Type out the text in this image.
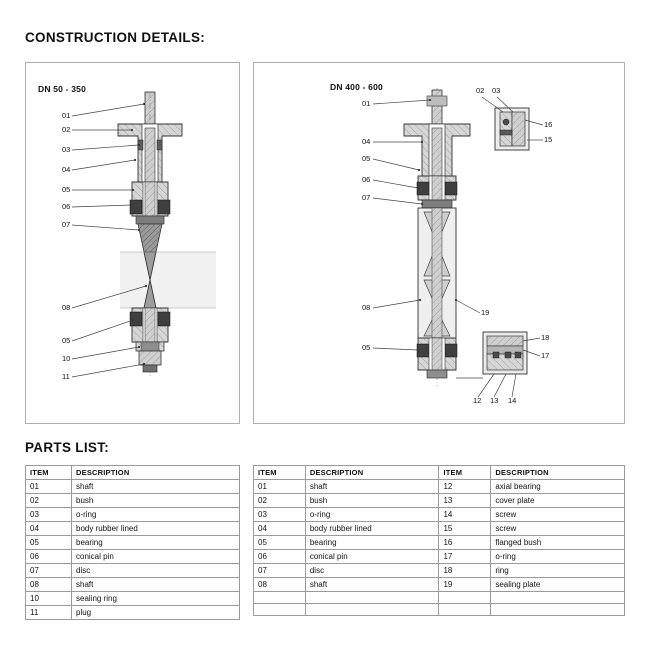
CONSTRUCTION DETAILS:
PARTS LIST:
DN 50 - 350	DN 400 - 600
01
02
03
04
05
06
07
08
05
10
11
01
04
05
06
07
08
05
02 03
16
15
19
18
17
12 13 14
ITEM	DESCRIPTION
01	shaft
02	bush
03	o-ring
04	body rubber lined
05	bearing
06	conical pin
07	disc
08	shaft
10	sealing ring
11	plug
ITEM	DESCRIPTION	ITEM	DESCRIPTION
01	shaft	12	axial bearing
02	bush	13	cover plate
03	o-ring	14	screw
04	body rubber lined	15	screw
05	bearing	16	flanged bush
06	conical pin	17	o-ring
07	disc	18	ring
08	shaft	19	sealing plate
